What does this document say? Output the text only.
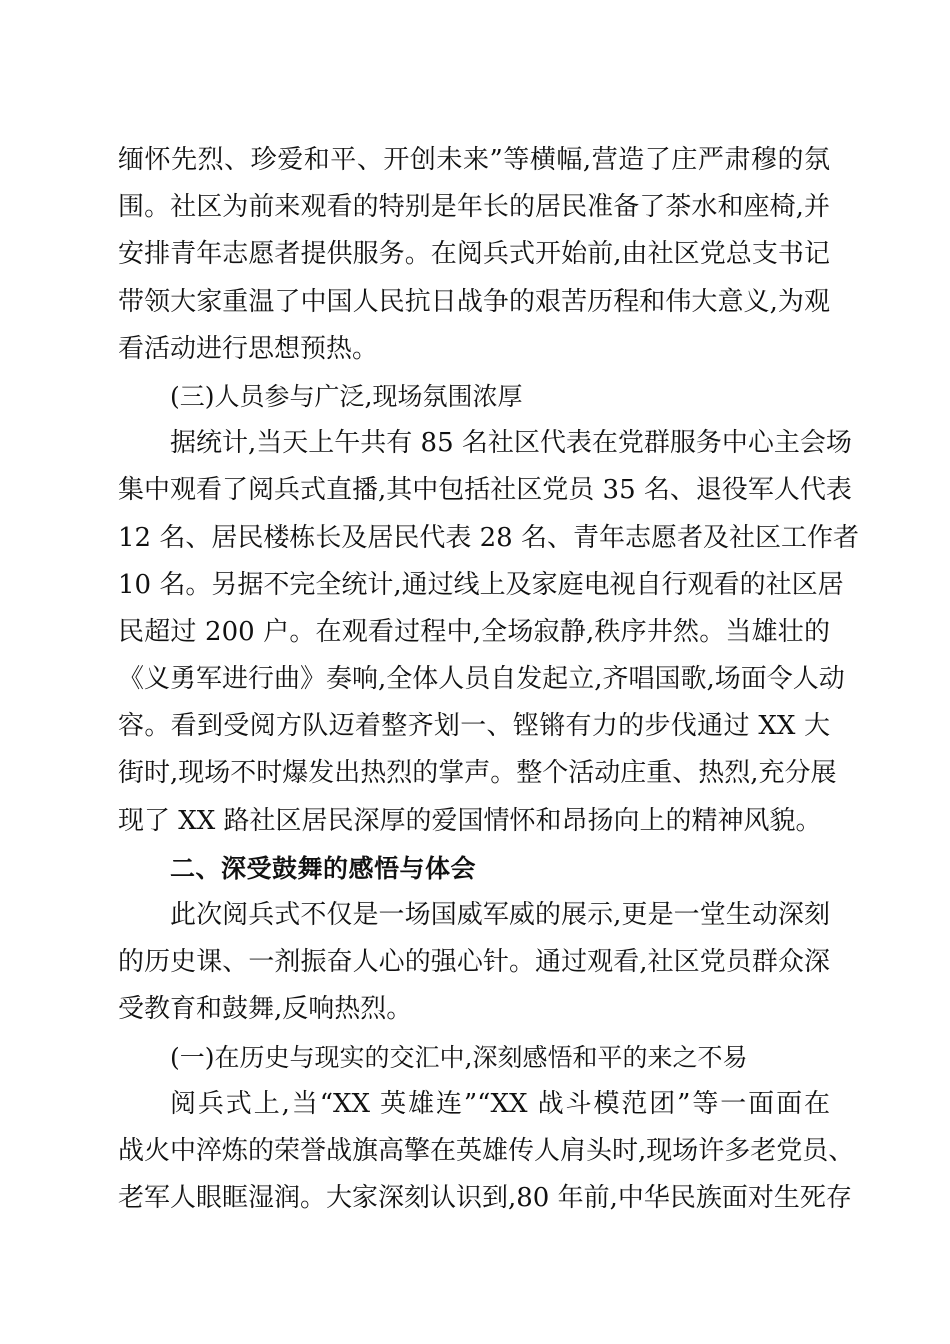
缅怀先烈、珍爱和平、开创未来”等横幅,营造了庄严肃穆的氛
围。社区为前来观看的特别是年长的居民准备了茶水和座椅,并
安排青年志愿者提供服务。在阅兵式开始前,由社区党总支书记
带领大家重温了中国人民抗日战争的艰苦历程和伟大意义,为观
看活动进行思想预热。
(三)人员参与广泛,现场氛围浓厚
据统计,当天上午共有 85 名社区代表在党群服务中心主会场
集中观看了阅兵式直播,其中包括社区党员 35 名、退役军人代表
12 名、居民楼栋长及居民代表 28 名、青年志愿者及社区工作者
10 名。另据不完全统计,通过线上及家庭电视自行观看的社区居
民超过 200 户。在观看过程中,全场寂静,秩序井然。当雄壮的
《义勇军进行曲》奏响,全体人员自发起立,齐唱国歌,场面令人动
容。看到受阅方队迈着整齐划一、铿锵有力的步伐通过 XX 大
街时,现场不时爆发出热烈的掌声。整个活动庄重、热烈,充分展
现了 XX 路社区居民深厚的爱国情怀和昂扬向上的精神风貌。
二、深受鼓舞的感悟与体会
此次阅兵式不仅是一场国威军威的展示,更是一堂生动深刻
的历史课、一剂振奋人心的强心针。通过观看,社区党员群众深
受教育和鼓舞,反响热烈。
(一)在历史与现实的交汇中,深刻感悟和平的来之不易
阅兵式上,当“XX 英雄连”“XX 战斗模范团”等一面面在
战火中淬炼的荣誉战旗高擎在英雄传人肩头时,现场许多老党员、
老军人眼眶湿润。大家深刻认识到,80 年前,中华民族面对生死存
